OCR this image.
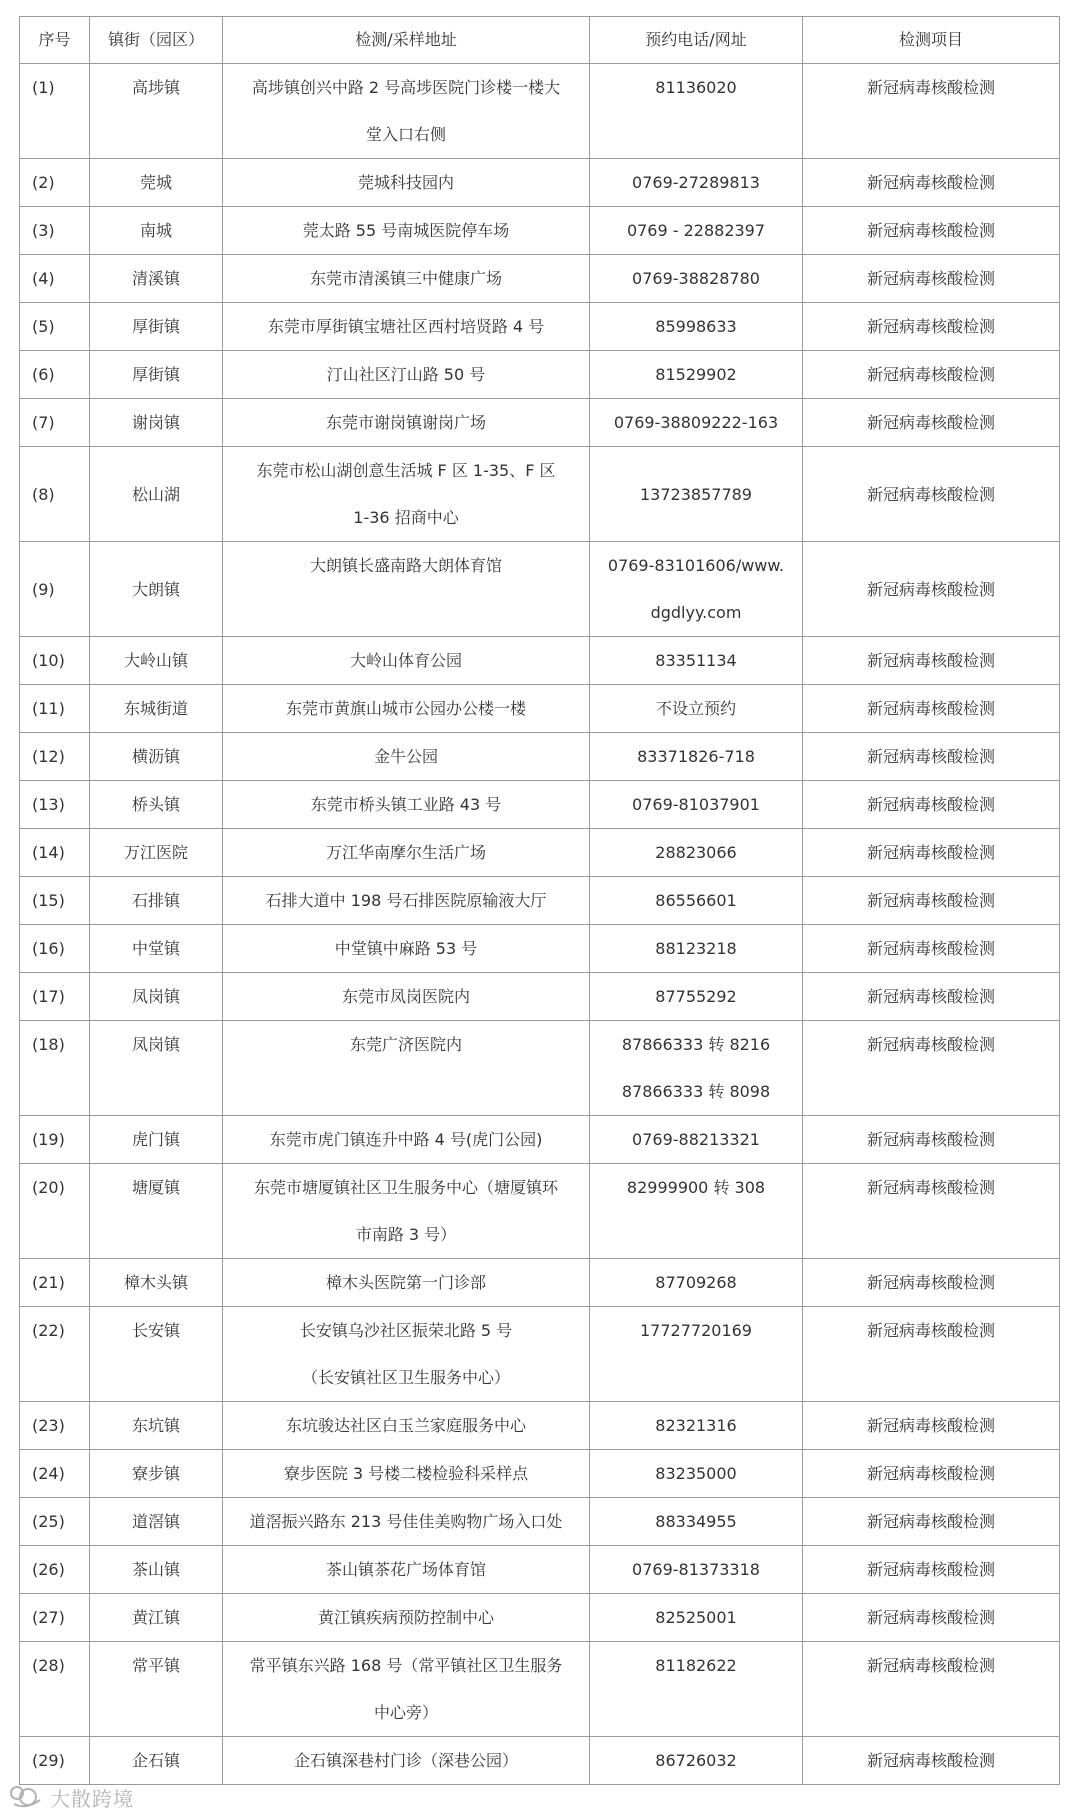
序号	镇街（园区）	检测/采样地址	预约电话/网址	检测项目
(1)	高埗镇	高埗镇创兴中路 2 号高埗医院门诊楼一楼大
堂入口右侧	81136020	新冠病毒核酸检测
(2)	莞城	莞城科技园内	0769-27289813	新冠病毒核酸检测
(3)	南城	莞太路 55 号南城医院停车场	0769 - 22882397	新冠病毒核酸检测
(4)	清溪镇	东莞市清溪镇三中健康广场	0769-38828780	新冠病毒核酸检测
(5)	厚街镇	东莞市厚街镇宝塘社区西村培贤路 4 号	85998633	新冠病毒核酸检测
(6)	厚街镇	汀山社区汀山路 50 号	81529902	新冠病毒核酸检测
(7)	谢岗镇	东莞市谢岗镇谢岗广场	0769-38809222-163	新冠病毒核酸检测
(8)	松山湖	东莞市松山湖创意生活城 F 区 1-35、F 区
1-36 招商中心	13723857789	新冠病毒核酸检测
(9)	大朗镇	大朗镇长盛南路大朗体育馆	0769-83101606/www.
dgdlyy.com	新冠病毒核酸检测
(10)	大岭山镇	大岭山体育公园	83351134	新冠病毒核酸检测
(11)	东城街道	东莞市黄旗山城市公园办公楼一楼	不设立预约	新冠病毒核酸检测
(12)	横沥镇	金牛公园	83371826-718	新冠病毒核酸检测
(13)	桥头镇	东莞市桥头镇工业路 43 号	0769-81037901	新冠病毒核酸检测
(14)	万江医院	万江华南摩尔生活广场	28823066	新冠病毒核酸检测
(15)	石排镇	石排大道中 198 号石排医院原输液大厅	86556601	新冠病毒核酸检测
(16)	中堂镇	中堂镇中麻路 53 号	88123218	新冠病毒核酸检测
(17)	凤岗镇	东莞市凤岗医院内	87755292	新冠病毒核酸检测
(18)	凤岗镇	东莞广济医院内	87866333 转 8216
87866333 转 8098	新冠病毒核酸检测
(19)	虎门镇	东莞市虎门镇连升中路 4 号(虎门公园)	0769-88213321	新冠病毒核酸检测
(20)	塘厦镇	东莞市塘厦镇社区卫生服务中心（塘厦镇环
市南路 3 号）	82999900 转 308	新冠病毒核酸检测
(21)	樟木头镇	樟木头医院第一门诊部	87709268	新冠病毒核酸检测
(22)	长安镇	长安镇乌沙社区振荣北路 5 号
（长安镇社区卫生服务中心）	17727720169	新冠病毒核酸检测
(23)	东坑镇	东坑骏达社区白玉兰家庭服务中心	82321316	新冠病毒核酸检测
(24)	寮步镇	寮步医院 3 号楼二楼检验科采样点	83235000	新冠病毒核酸检测
(25)	道滘镇	道滘振兴路东 213 号佳佳美购物广场入口处	88334955	新冠病毒核酸检测
(26)	茶山镇	茶山镇茶花广场体育馆	0769-81373318	新冠病毒核酸检测
(27)	黄江镇	黄江镇疾病预防控制中心	82525001	新冠病毒核酸检测
(28)	常平镇	常平镇东兴路 168 号（常平镇社区卫生服务
中心旁）	81182622	新冠病毒核酸检测
(29)	企石镇	企石镇深巷村门诊（深巷公园）	86726032	新冠病毒核酸检测
大散跨境
